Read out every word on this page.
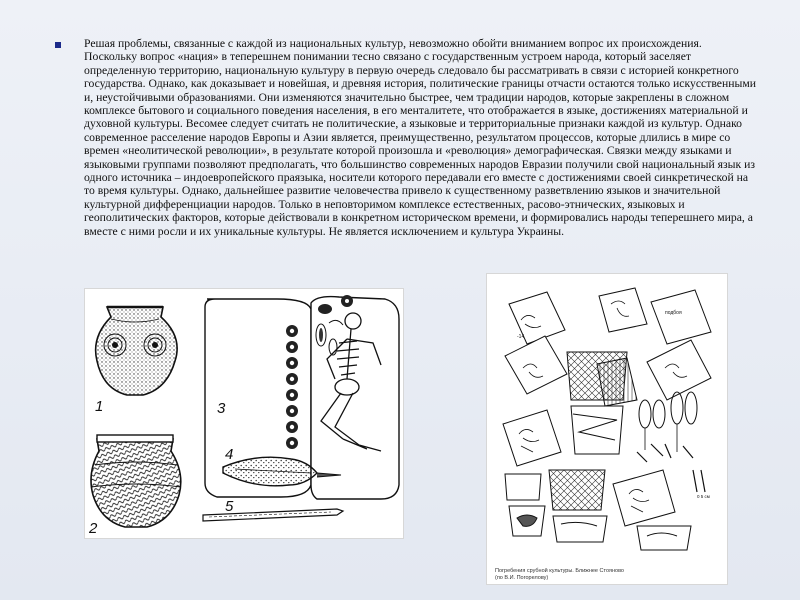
Решая проблемы, связанные с каждой из национальных культур, невозможно обойти вниманием вопрос их происхождения. Поскольку вопрос «нация» в теперешнем понимании тесно связано с государственным устроем народа, который заселяет определенную территорию, национальную культуру в первую очередь следовало бы рассматривать в связи с историей конкретного государства. Однако, как доказывает и новейшая, и древняя история, политические границы отчасти остаются только искусственными и, неустойчивыми образованиями. Они изменяются значительно быстрее, чем традиции народов, которые закреплены в сложном комплексе бытового и социального поведения населения, в его менталитете, что отображается в языке, достижениях материальной и духовной культуры. Весомее следует считать не политические, а языковые и территориальные признаки каждой из культур. Однако современное расселение народов Европы и Азии является, преимущественно, результатом процессов, которые длились в мире со времен «неолитической революции», в результате которой произошла и «революция» демографическая. Связки между языками и языковыми группами позволяют предполагать, что большинство современных народов Евразии получили свой национальный язык из одного источника – индоевропейского праязыка, носители которого передавали его вместе с достижениями своей синкретической на то время культуры. Однако, дальнейшее развитие человечества привело к существенному разветвлению языков и значительной культурной дифференциации народов. Только в неповторимом комплексе естественных, расово-этнических, языковых и геополитических факторов, которые действовали в конкретном историческом времени, и формировались народы теперешнего мира, а вместе с ними росли и их уникальные культуры. Не является исключением и культура Украины.
1
2
3
4
5
-14
подбоя
0 5 см
Погребения срубной культуры. Ближнее Стояново
(по В.И. Погорелову)
